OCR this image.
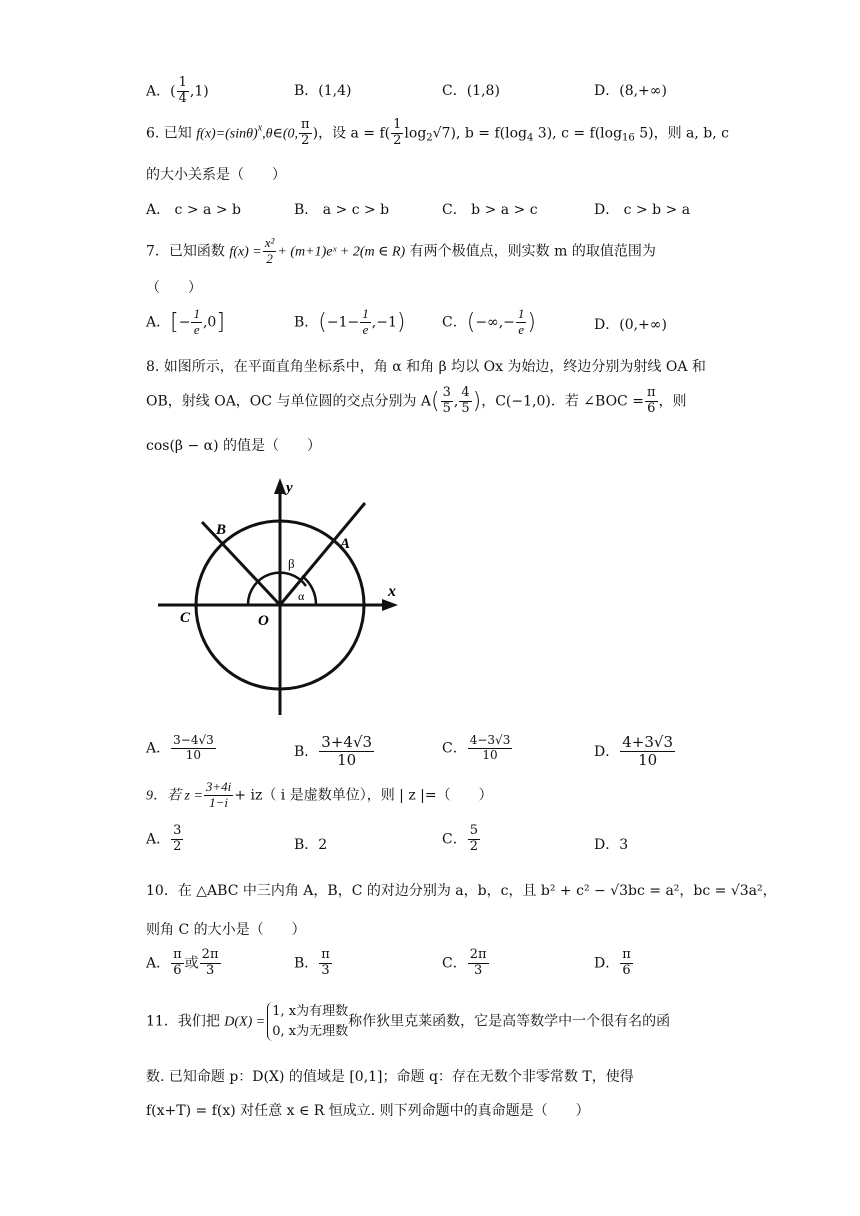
A．( $\frac{1}{4} ,1$)	B．(1,4)	C．(1,8)	D．(8,+∞)
6. 已知 $f(x)=(\sin\theta)^x,\theta\in(0$, $\frac{\pi}{2}$ )，设 $a = f( \frac{1}{2} \log_2√7)$, $b = f(\log_4$ 3), $c = f(\log_{16}$ 5)，则 a, b, c
的大小关系是（　　）
A． c > a > b	B． a > c > b	C． b > a > c	D． c > b > a
7．已知函数 $f(x) = \frac{\text{x²}}{2}$ + (m+1)eˣ + 2(m ∈ R) 有两个极值点，则实数 m 的取值范围为
（　　）
A．[− $\frac{1}{e} ,0$]	B．$(-1- \frac{1}{e} ,-1)$	C．(−∞,− $\frac{1}{e}$ )	D．(0,+∞)
8. 如图所示，在平面直角坐标系中，角 α 和角 β 均以 Ox 为始边，终边分别为射线 OA 和
OB，射线 OA，OC 与单位圆的交点分别为 $A( \frac{3}{5}$ , $\frac{4}{5}$ )，C(−1,0)．若 ∠BOC = $\frac{\pi}{6}$ ，则
cos(β − α) 的值是（　　）
y
x
A
B
C	O
β
α
A． $\frac{3-4√3}{10}$	B． $\frac{3+4√3}{10}$	C． $\frac{4-3√3}{10}$	D． $\frac{4+3√3}{10}$
9．若 $z = \frac{3+4i}{1-i} + iz$（ i 是虚数单位），则 | z |=（　　）
A． $\frac{3}{2}$	B．2	C． $\frac{5}{2}$	D．3
10．在 △ABC 中三内角 A，B，C 的对边分别为 a，b，c，且 b² + c² − √3bc = a²，bc = √3a²，
则角 C 的大小是（　　）
A． $\frac{\pi}{6}$ 或 $\frac{2\pi}{3}$	B． $\frac{\pi}{3}$	C． $\frac{2\pi}{3}$	D． $\frac{\pi}{6}$
11．我们把 D(X) =
1, x为有理数
0, x为无理数
称作狄里克莱函数，它是高等数学中一个很有名的函
数. 已知命题 p：D(X) 的值域是 [0,1]；命题 q：存在无数个非零常数 T，使得
f(x+T) = f(x) 对任意 x ∈ R 恒成立. 则下列命题中的真命题是（　　）
